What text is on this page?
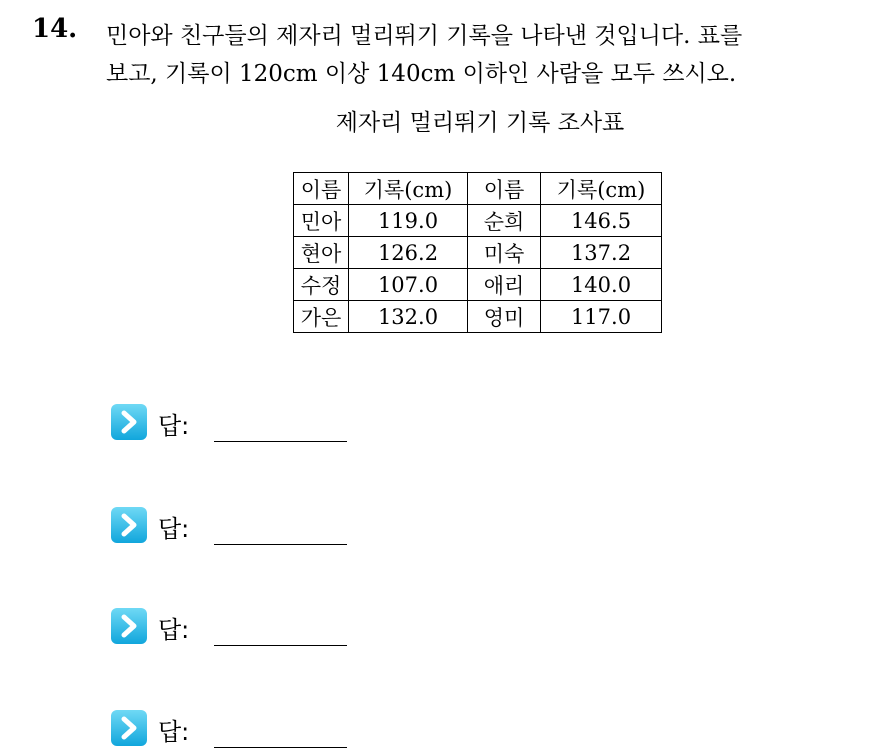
14. 민아와 친구들의 제자리 멀리뛰기 기록을 나타낸 것입니다. 표를
보고, 기록이 120cm 이상 140cm 이하인 사람을 모두 쓰시오.
제자리 멀리뛰기 기록 조사표
이름	기록(cm)	이름	기록(cm)
민아	119.0	순희	146.5
현아	126.2	미숙	137.2
수정	107.0	애리	140.0
가은	132.0	영미	117.0
답:
답:
답:
답:
